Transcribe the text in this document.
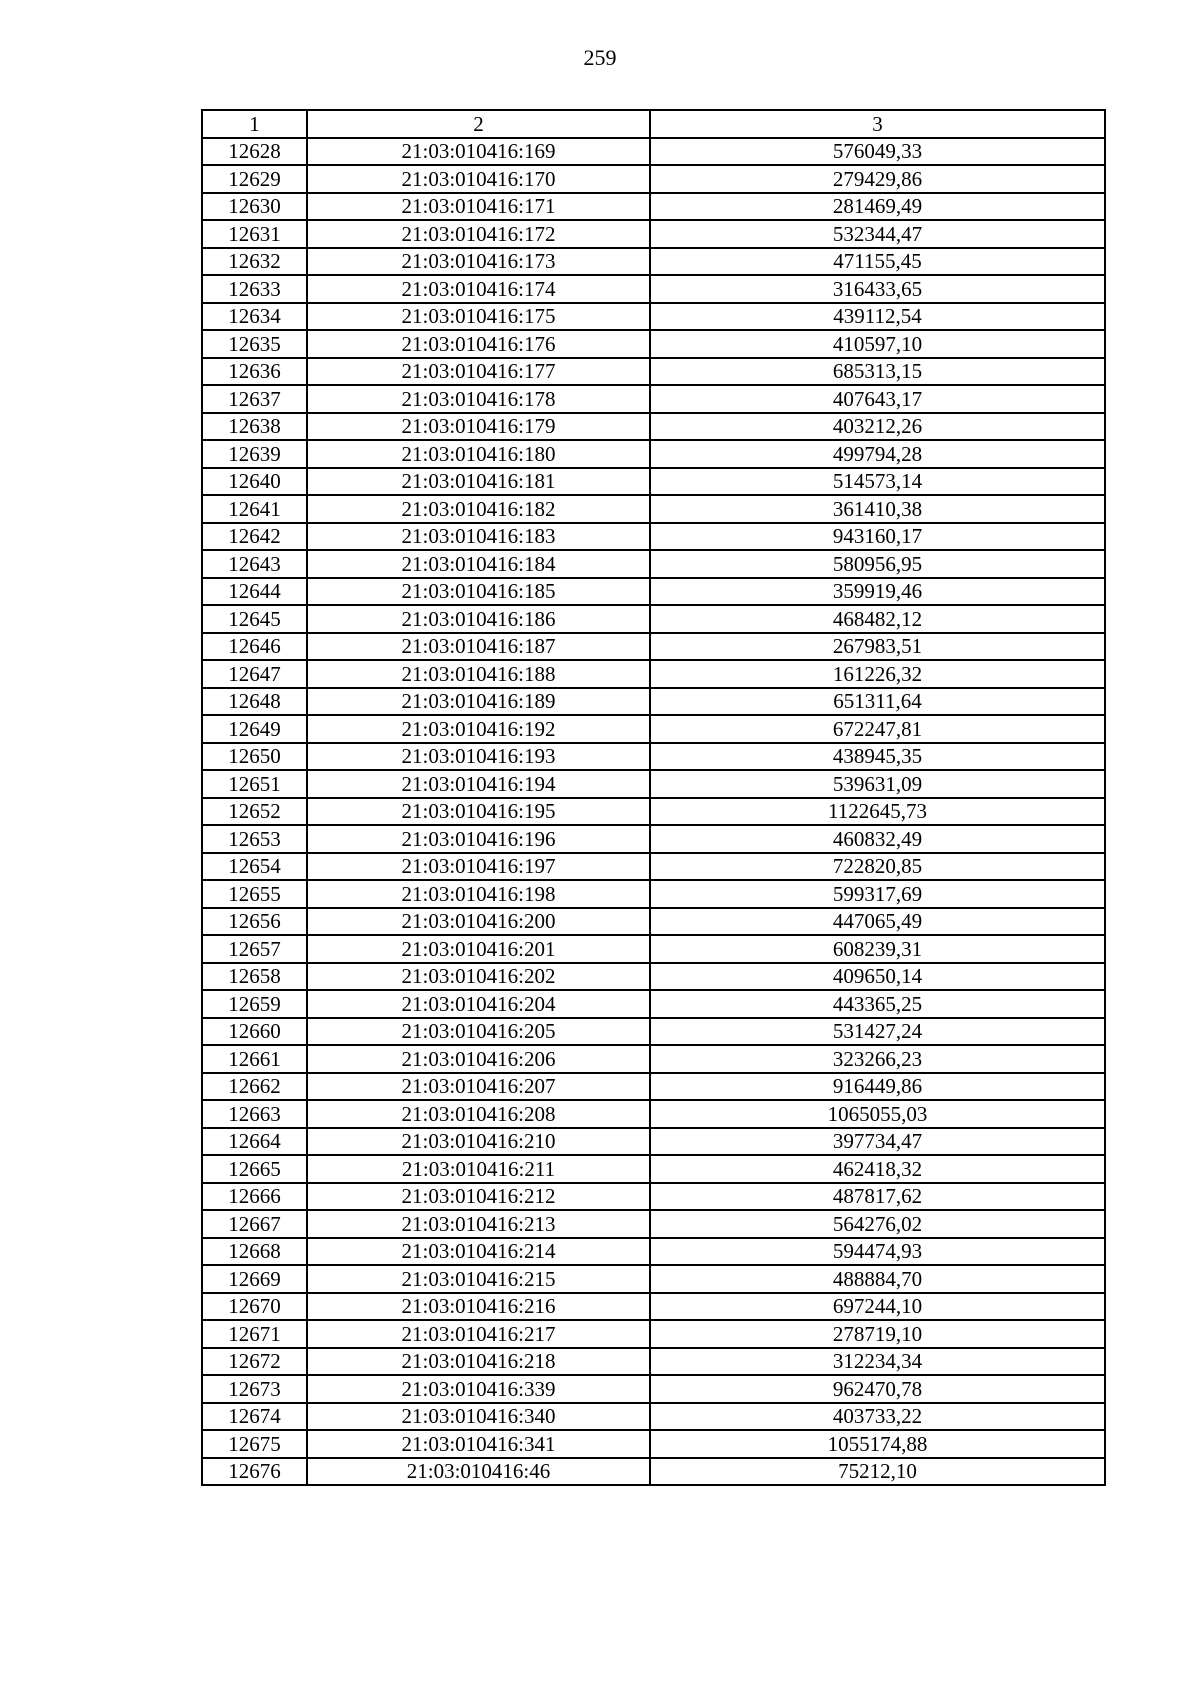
259
1	2	3
12628	21:03:010416:169	576049,33
12629	21:03:010416:170	279429,86
12630	21:03:010416:171	281469,49
12631	21:03:010416:172	532344,47
12632	21:03:010416:173	471155,45
12633	21:03:010416:174	316433,65
12634	21:03:010416:175	439112,54
12635	21:03:010416:176	410597,10
12636	21:03:010416:177	685313,15
12637	21:03:010416:178	407643,17
12638	21:03:010416:179	403212,26
12639	21:03:010416:180	499794,28
12640	21:03:010416:181	514573,14
12641	21:03:010416:182	361410,38
12642	21:03:010416:183	943160,17
12643	21:03:010416:184	580956,95
12644	21:03:010416:185	359919,46
12645	21:03:010416:186	468482,12
12646	21:03:010416:187	267983,51
12647	21:03:010416:188	161226,32
12648	21:03:010416:189	651311,64
12649	21:03:010416:192	672247,81
12650	21:03:010416:193	438945,35
12651	21:03:010416:194	539631,09
12652	21:03:010416:195	1122645,73
12653	21:03:010416:196	460832,49
12654	21:03:010416:197	722820,85
12655	21:03:010416:198	599317,69
12656	21:03:010416:200	447065,49
12657	21:03:010416:201	608239,31
12658	21:03:010416:202	409650,14
12659	21:03:010416:204	443365,25
12660	21:03:010416:205	531427,24
12661	21:03:010416:206	323266,23
12662	21:03:010416:207	916449,86
12663	21:03:010416:208	1065055,03
12664	21:03:010416:210	397734,47
12665	21:03:010416:211	462418,32
12666	21:03:010416:212	487817,62
12667	21:03:010416:213	564276,02
12668	21:03:010416:214	594474,93
12669	21:03:010416:215	488884,70
12670	21:03:010416:216	697244,10
12671	21:03:010416:217	278719,10
12672	21:03:010416:218	312234,34
12673	21:03:010416:339	962470,78
12674	21:03:010416:340	403733,22
12675	21:03:010416:341	1055174,88
12676	21:03:010416:46	75212,10
